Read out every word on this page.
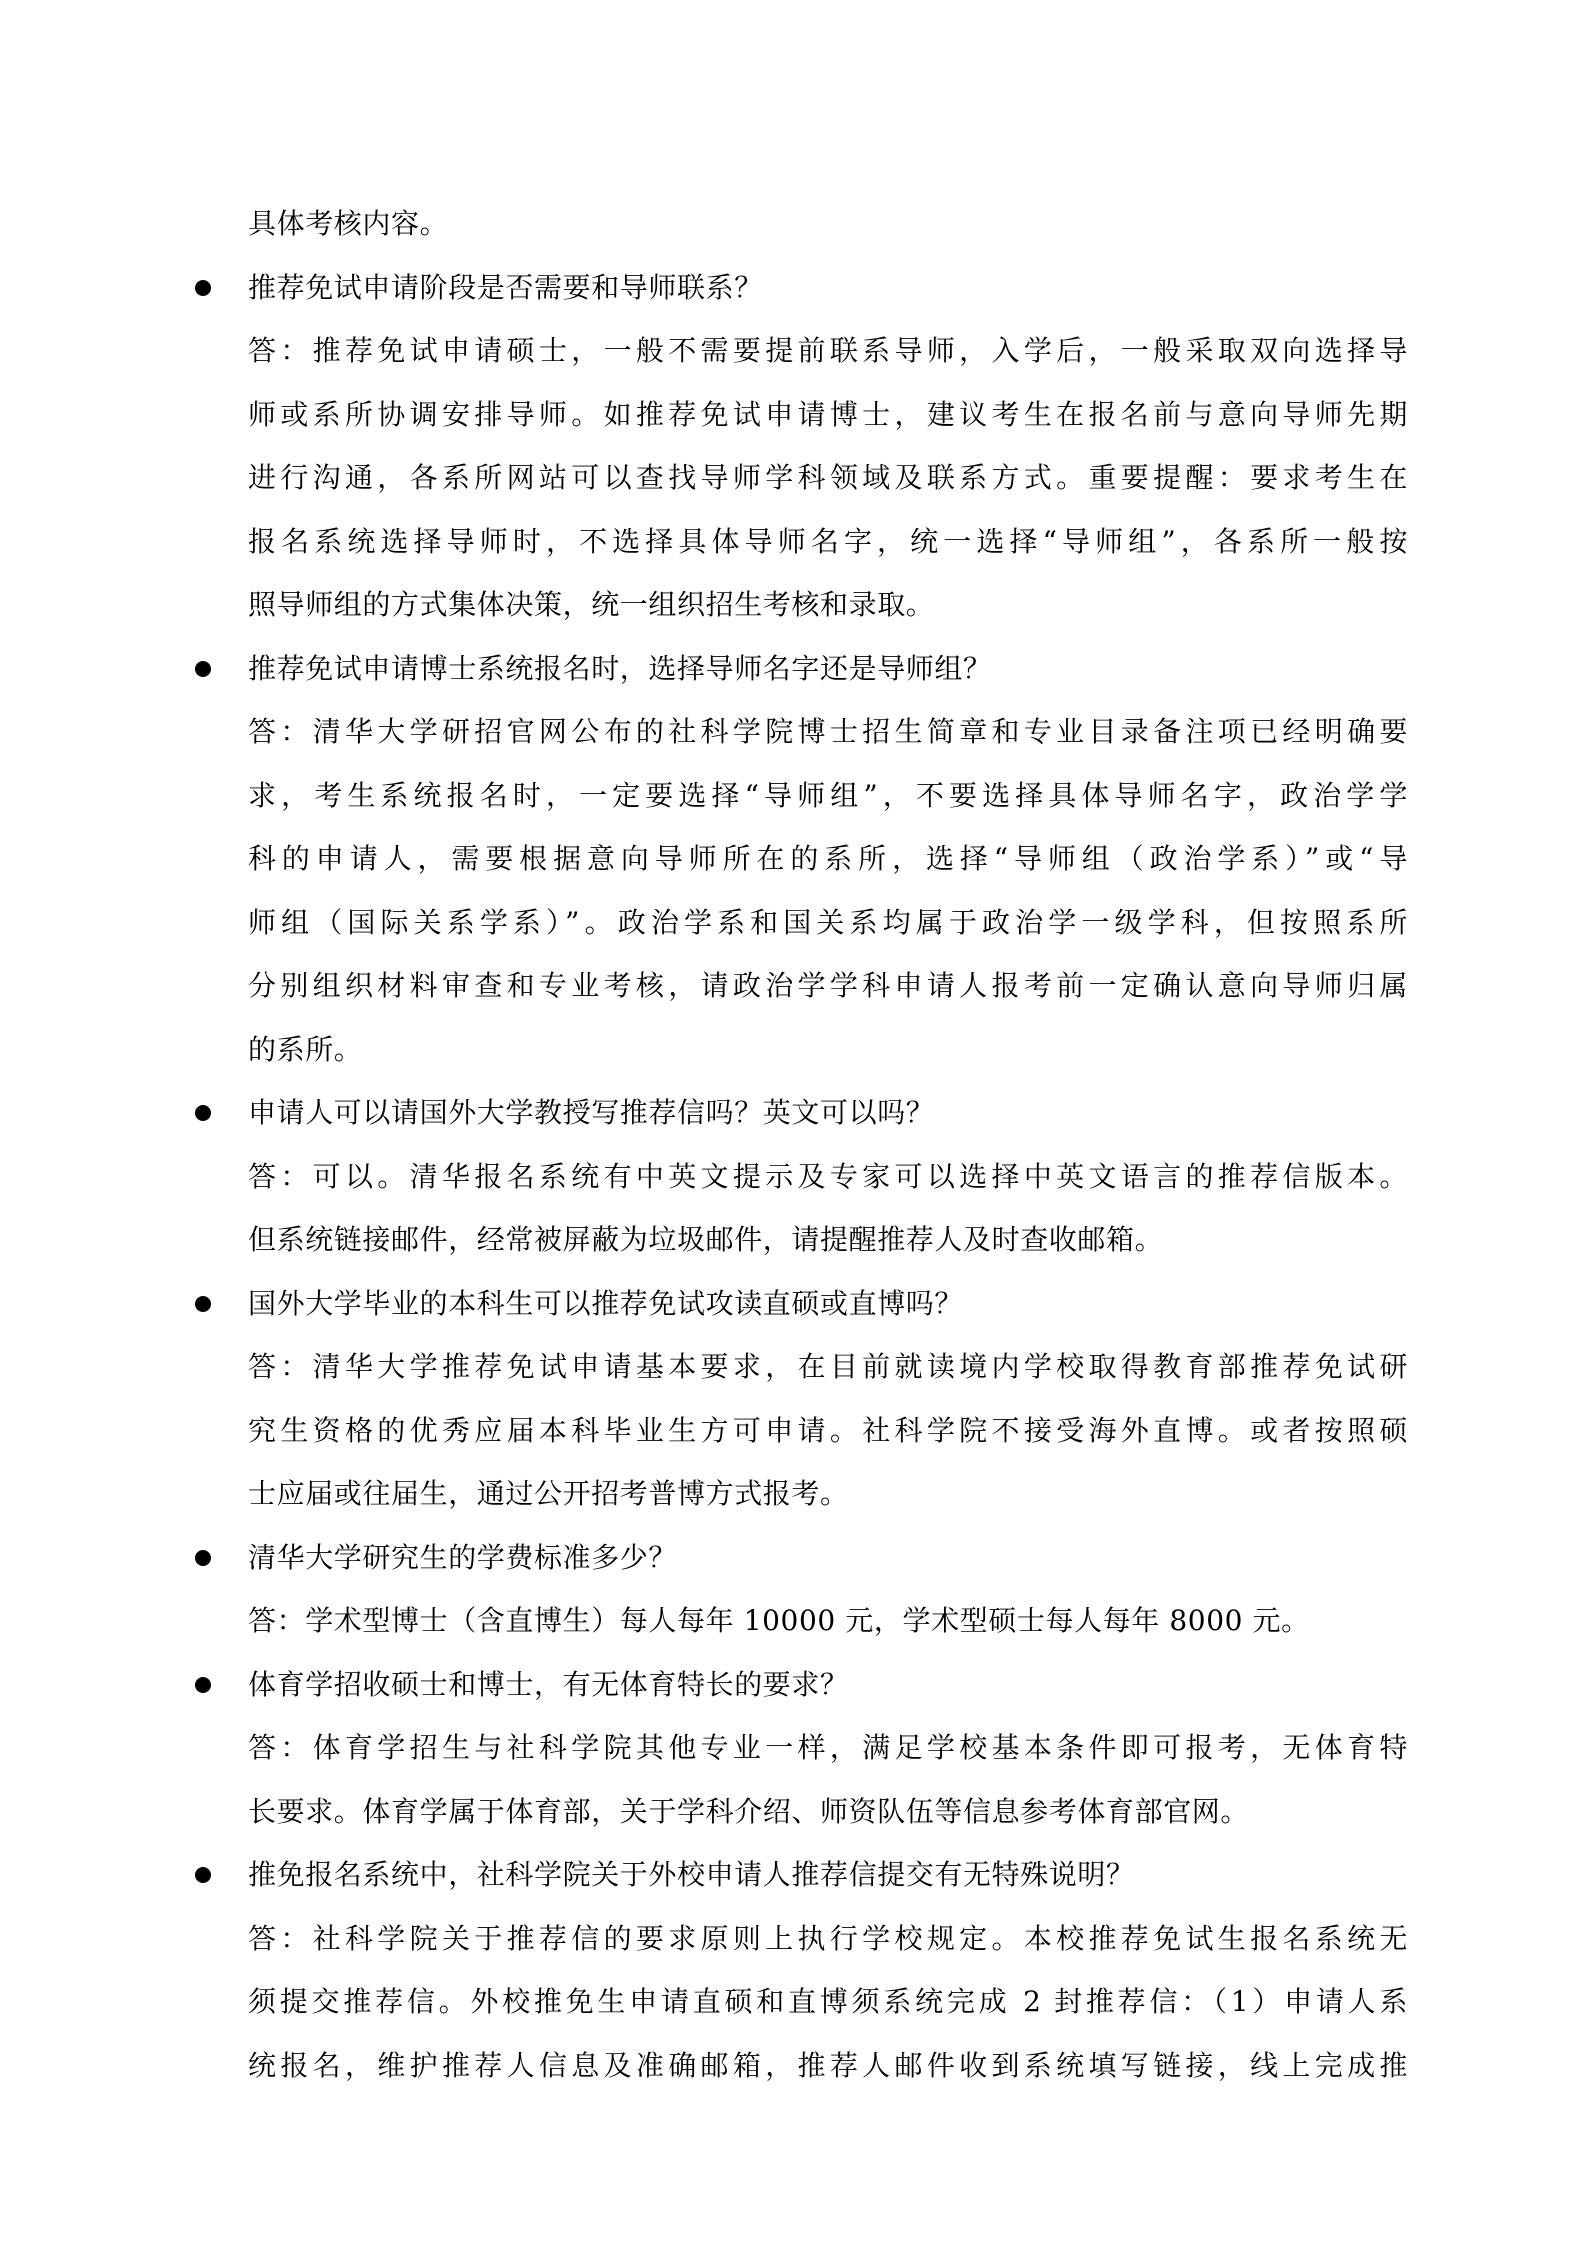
具体考核内容。
推荐免试申请阶段是否需要和导师联系？
答：推荐免试申请硕士，一般不需要提前联系导师，入学后，一般采取双向选择导
师或系所协调安排导师。如推荐免试申请博士，建议考生在报名前与意向导师先期
进行沟通，各系所网站可以查找导师学科领域及联系方式。重要提醒：要求考生在
报名系统选择导师时，不选择具体导师名字，统一选择“导师组”，各系所一般按
照导师组的方式集体决策，统一组织招生考核和录取。
推荐免试申请博士系统报名时，选择导师名字还是导师组？
答：清华大学研招官网公布的社科学院博士招生简章和专业目录备注项已经明确要
求，考生系统报名时，一定要选择“导师组”，不要选择具体导师名字，政治学学
科的申请人，需要根据意向导师所在的系所，选择“导师组（政治学系）”或“导
师组（国际关系学系）”。政治学系和国关系均属于政治学一级学科，但按照系所
分别组织材料审查和专业考核，请政治学学科申请人报考前一定确认意向导师归属
的系所。
申请人可以请国外大学教授写推荐信吗？英文可以吗？
答：可以。清华报名系统有中英文提示及专家可以选择中英文语言的推荐信版本。
但系统链接邮件，经常被屏蔽为垃圾邮件，请提醒推荐人及时查收邮箱。
国外大学毕业的本科生可以推荐免试攻读直硕或直博吗？
答：清华大学推荐免试申请基本要求，在目前就读境内学校取得教育部推荐免试研
究生资格的优秀应届本科毕业生方可申请。社科学院不接受海外直博。或者按照硕
士应届或往届生，通过公开招考普博方式报考。
清华大学研究生的学费标准多少？
答：学术型博士（含直博生）每人每年 10000 元，学术型硕士每人每年 8000 元。
体育学招收硕士和博士，有无体育特长的要求？
答：体育学招生与社科学院其他专业一样，满足学校基本条件即可报考，无体育特
长要求。体育学属于体育部，关于学科介绍、师资队伍等信息参考体育部官网。
推免报名系统中，社科学院关于外校申请人推荐信提交有无特殊说明？
答：社科学院关于推荐信的要求原则上执行学校规定。本校推荐免试生报名系统无
须提交推荐信。外校推免生申请直硕和直博须系统完成 2 封推荐信：（1）申请人系
统报名，维护推荐人信息及准确邮箱，推荐人邮件收到系统填写链接，线上完成推
